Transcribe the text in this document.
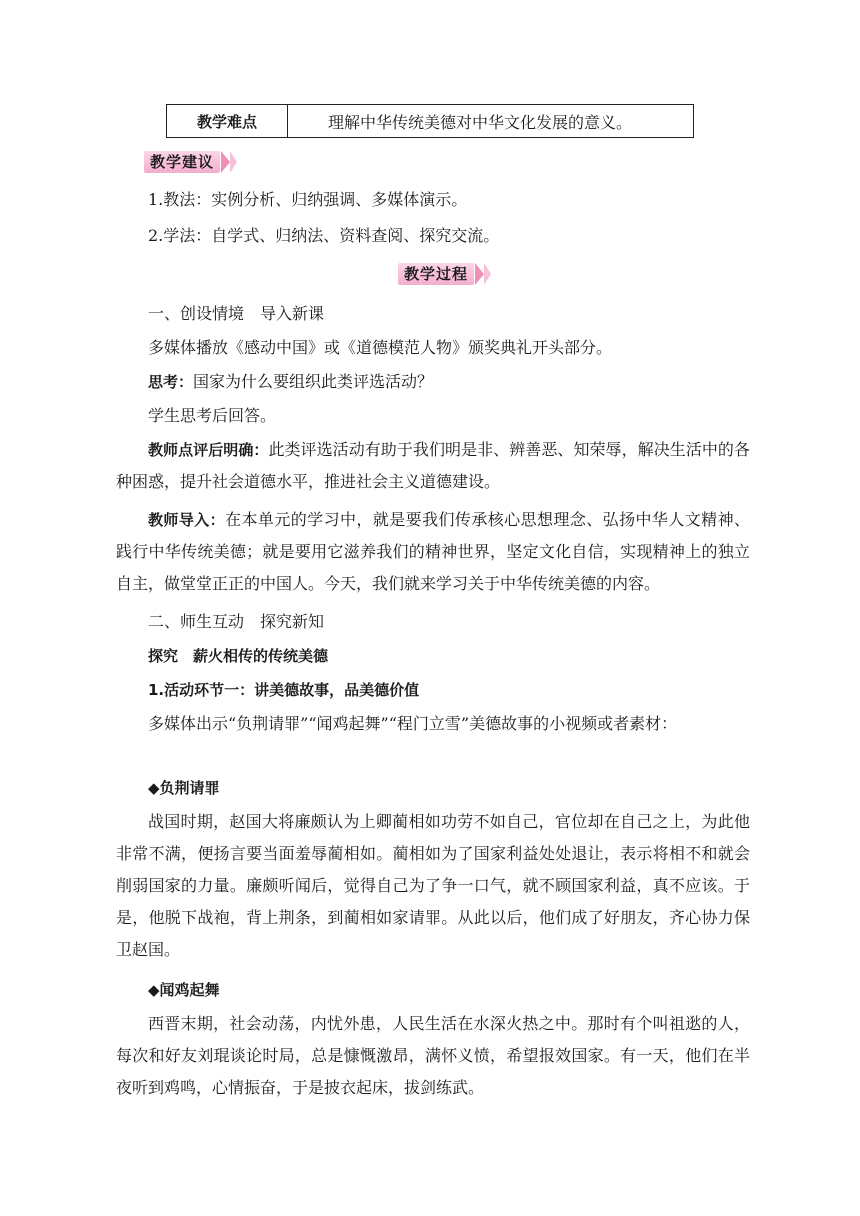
教学难点	理解中华传统美德对中华文化发展的意义。
教学建议
1.教法：实例分析、归纳强调、多媒体演示。
2.学法：自学式、归纳法、资料查阅、探究交流。
教学过程
一、创设情境　导入新课
多媒体播放《感动中国》或《道德模范人物》颁奖典礼开头部分。
思考：国家为什么要组织此类评选活动？
学生思考后回答。
教师点评后明确：此类评选活动有助于我们明是非、辨善恶、知荣辱，解决生活中的各种困惑，提升社会道德水平，推进社会主义道德建设。
教师导入：在本单元的学习中，就是要我们传承核心思想理念、弘扬中华人文精神、践行中华传统美德；就是要用它滋养我们的精神世界，坚定文化自信，实现精神上的独立自主，做堂堂正正的中国人。今天，我们就来学习关于中华传统美德的内容。
二、师生互动　探究新知
探究　薪火相传的传统美德
1.活动环节一：讲美德故事，品美德价值
多媒体出示“负荆请罪”“闻鸡起舞”“程门立雪”美德故事的小视频或者素材：
◆负荆请罪
战国时期，赵国大将廉颇认为上卿蔺相如功劳不如自己，官位却在自己之上，为此他非常不满，便扬言要当面羞辱蔺相如。蔺相如为了国家利益处处退让，表示将相不和就会削弱国家的力量。廉颇听闻后，觉得自己为了争一口气，就不顾国家利益，真不应该。于是，他脱下战袍，背上荆条，到蔺相如家请罪。从此以后，他们成了好朋友，齐心协力保卫赵国。
◆闻鸡起舞
西晋末期，社会动荡，内忧外患，人民生活在水深火热之中。那时有个叫祖逖的人，每次和好友刘琨谈论时局，总是慷慨激昂，满怀义愤，希望报效国家。有一天，他们在半夜听到鸡鸣，心情振奋，于是披衣起床，拔剑练武。
